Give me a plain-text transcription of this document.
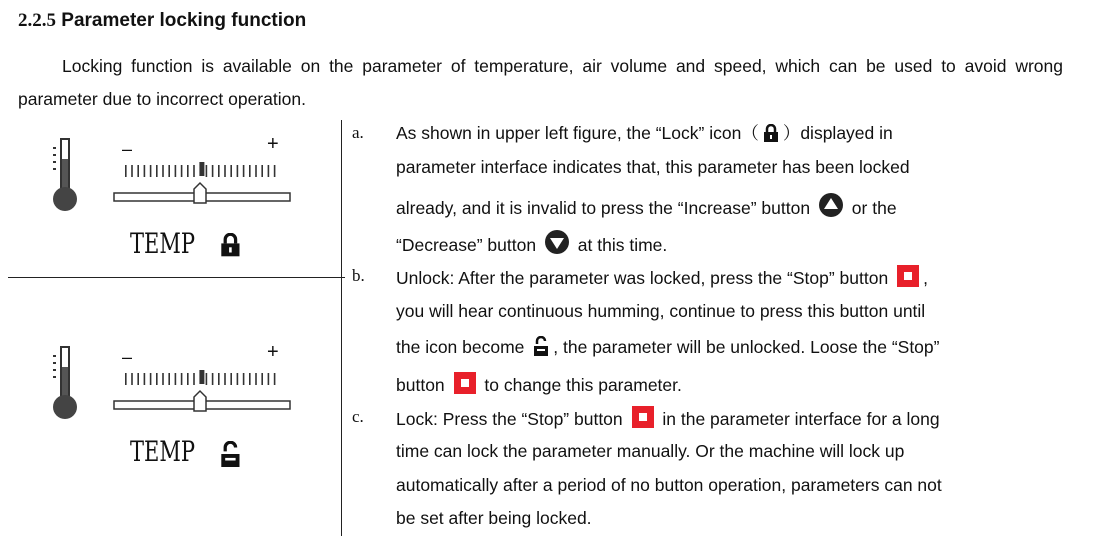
2.2.5 Parameter locking function
Locking function is available on the parameter of temperature, air volume and speed, which can be used to avoid wrong parameter due to incorrect operation.
–	+
TEMP
–	+
TEMP
a. As shown in upper left figure, the “Lock” icon（ ）displayed in
parameter interface indicates that, this parameter has been locked
already, and it is invalid to press the “Increase” button  or the
“Decrease” button  at this time.
b. Unlock: After the parameter was locked, press the “Stop” button ,
you will hear continuous humming, continue to press this button until
the icon become , the parameter will be unlocked. Loose the “Stop”
button  to change this parameter.
c. Lock: Press the “Stop” button  in the parameter interface for a long
time can lock the parameter manually. Or the machine will lock up
automatically after a period of no button operation, parameters can not
be set after being locked.
